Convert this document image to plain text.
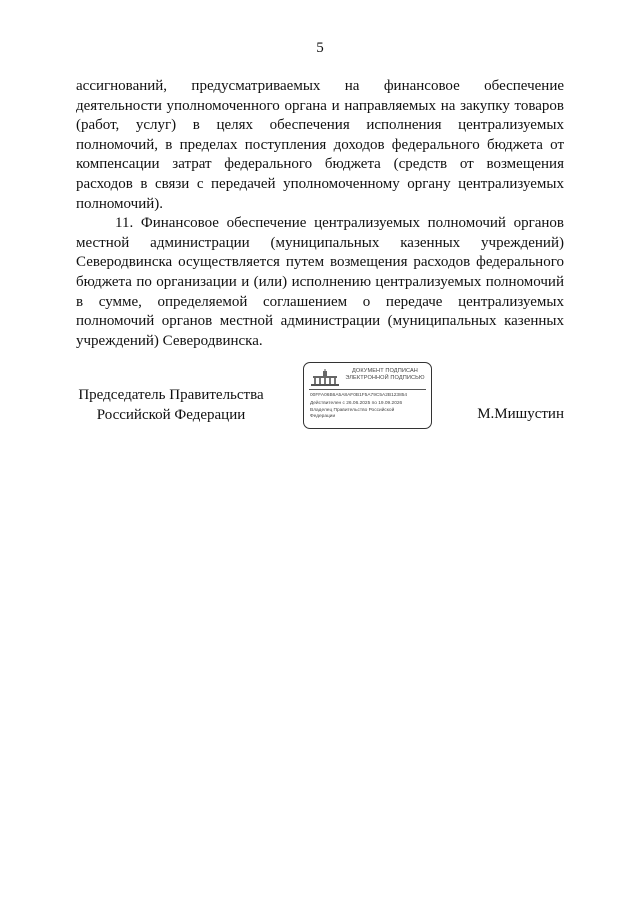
5

ассигнований, предусматриваемых на финансовое обеспечение деятельности уполномоченного органа и направляемых на закупку товаров (работ, услуг) в целях обеспечения исполнения централизуемых полномочий, в пределах поступления доходов федерального бюджета от компенсации затрат федерального бюджета (средств от возмещения расходов в связи с передачей уполномоченному органу централизуемых полномочий).

11. Финансовое обеспечение централизуемых полномочий органов местной администрации (муниципальных казенных учреждений) Северодвинска осуществляется путем возмещения расходов федерального бюджета по организации и (или) исполнению централизуемых полномочий в сумме, определяемой соглашением о передаче централизуемых полномочий органов местной администрации (муниципальных казенных учреждений) Северодвинска.

Председатель Правительства
Российской Федерации
ДОКУМЕНТ ПОДПИСАН
ЭЛЕКТРОННОЙ ПОДПИСЬЮ
00FFA06B6A5A8AF0B1F5A79C5A2B123854
Действителен с 26.06.2025 по 19.09.2026
Владелец Правительство Российской
Федерации	М.Мишустин
